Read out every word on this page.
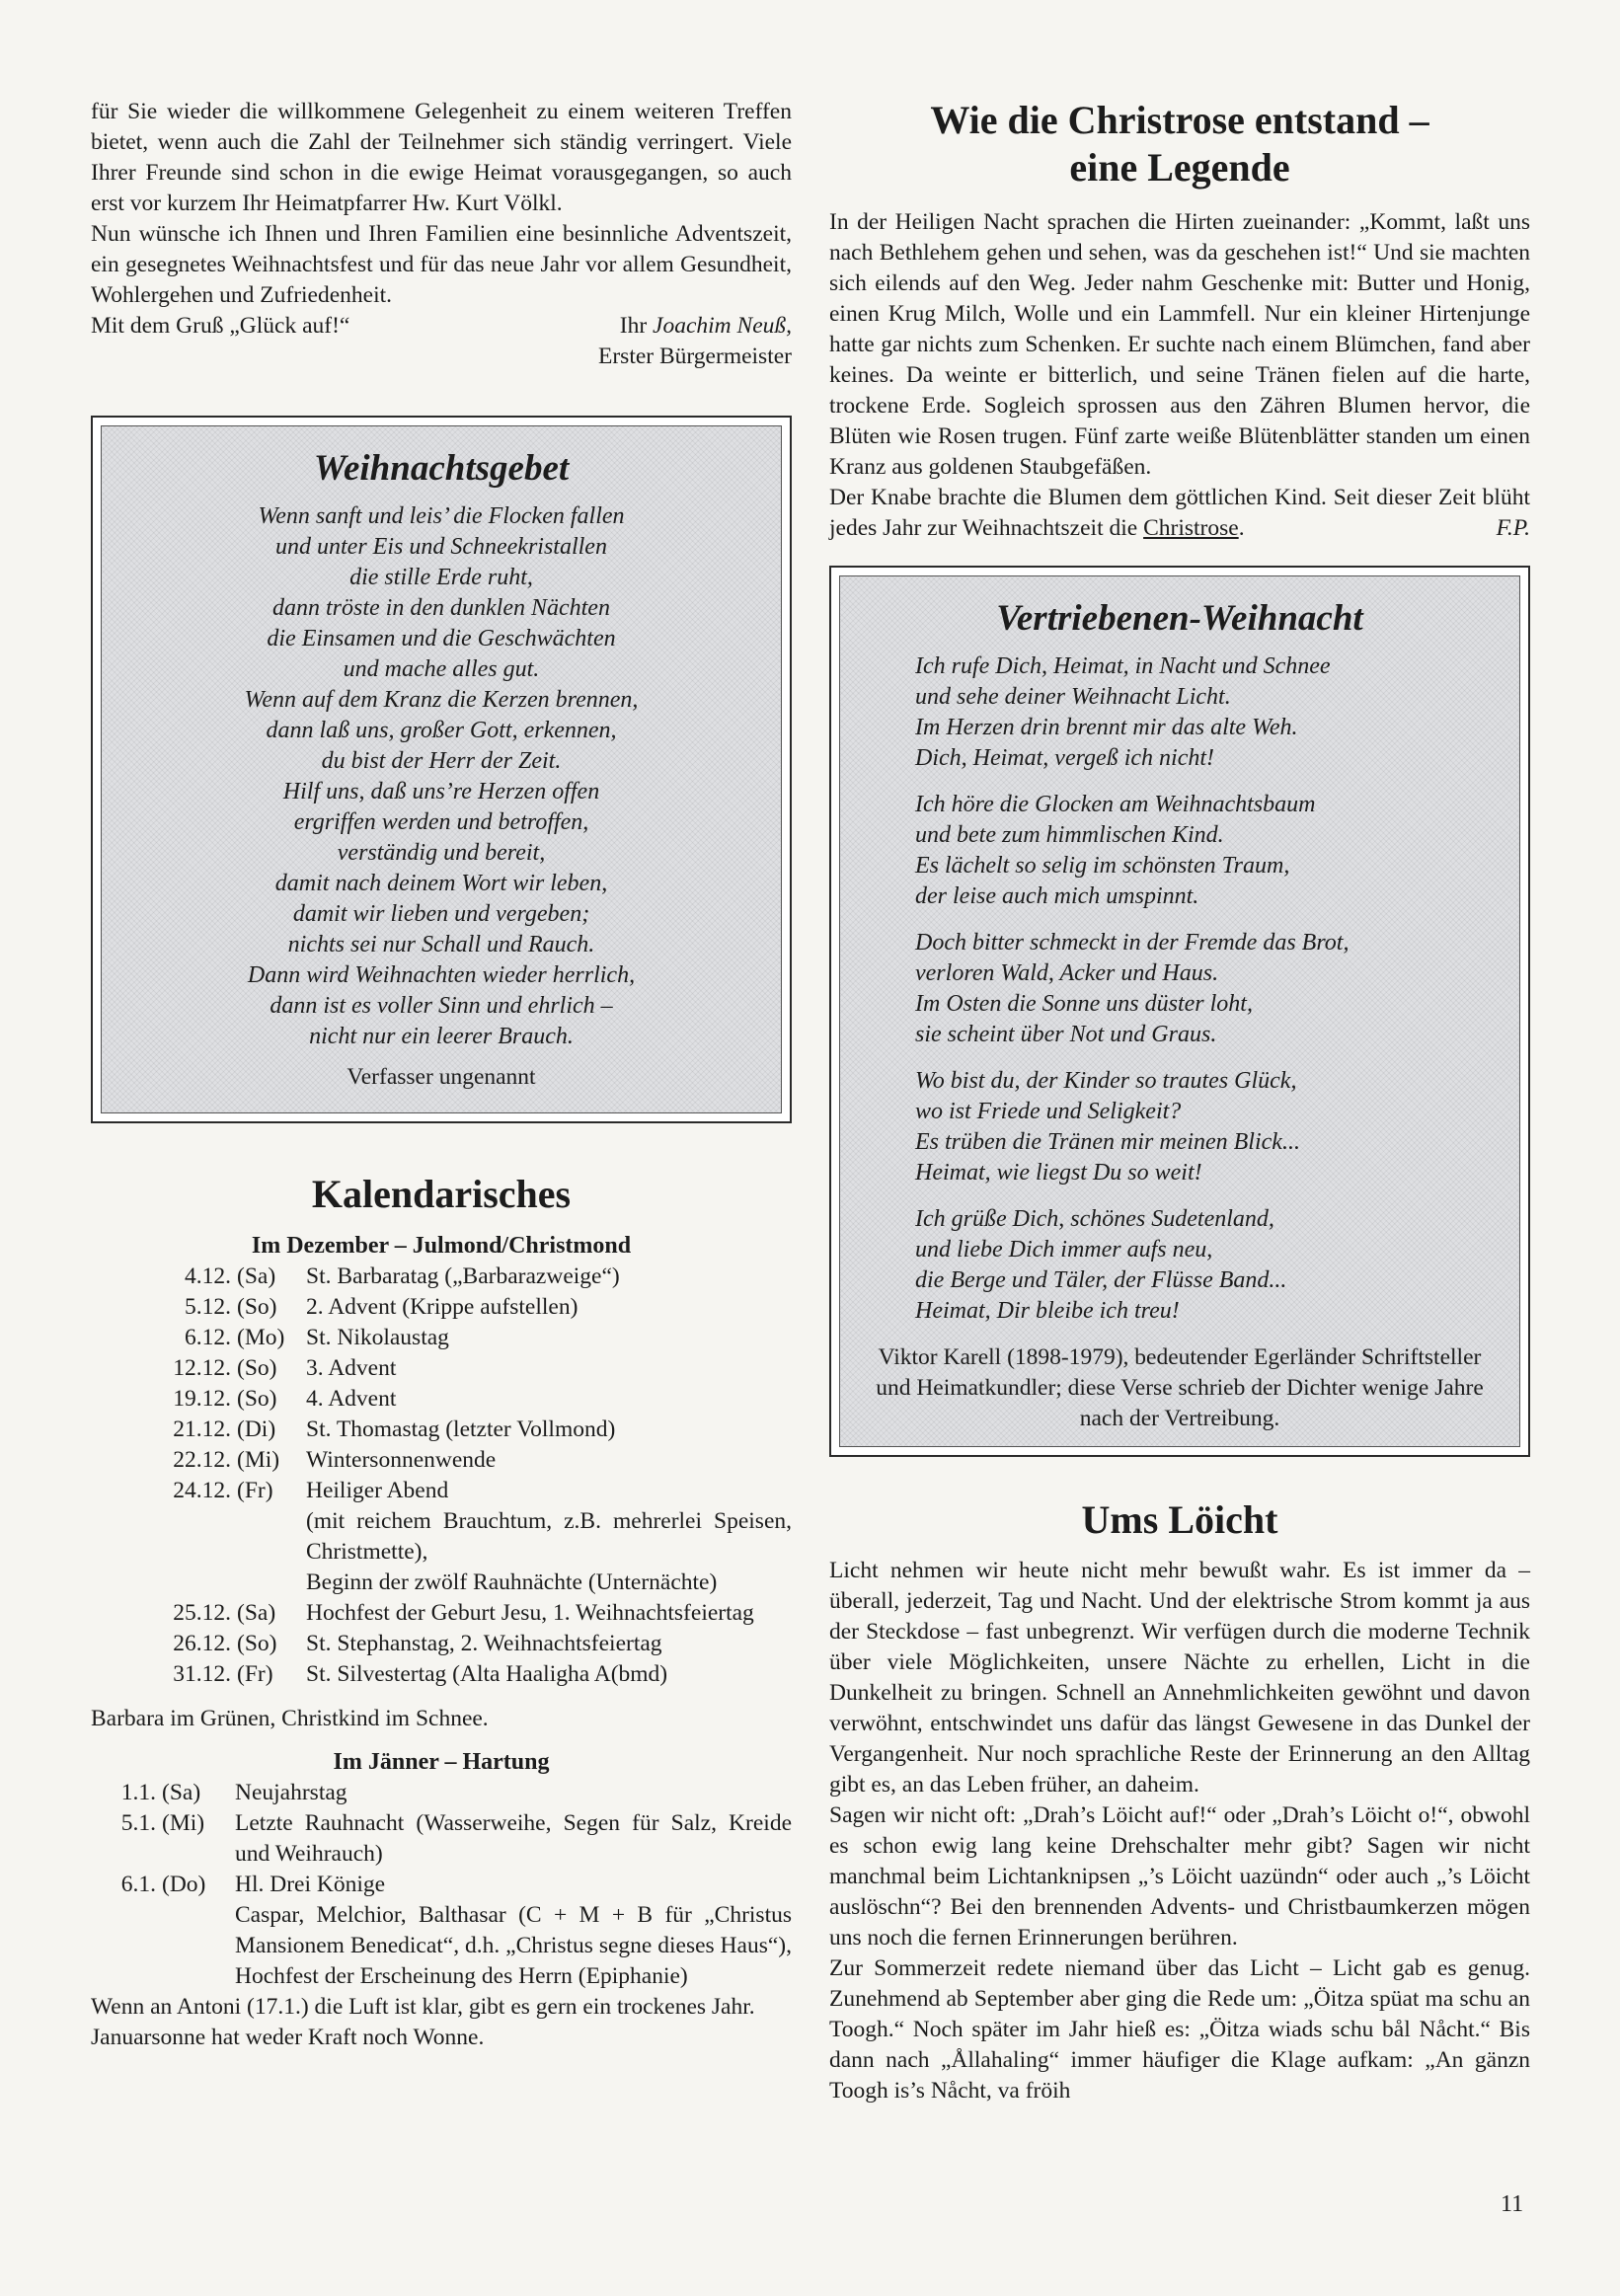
für Sie wieder die willkommene Gelegenheit zu einem weiteren Treffen bietet, wenn auch die Zahl der Teilnehmer sich ständig verringert. Viele Ihrer Freunde sind schon in die ewige Heimat vorausgegangen, so auch erst vor kurzem Ihr Heimatpfarrer Hw. Kurt Völkl.

Nun wünsche ich Ihnen und Ihren Familien eine besinnliche Adventszeit, ein gesegnetes Weihnachtsfest und für das neue Jahr vor allem Gesundheit, Wohlergehen und Zufriedenheit.

Mit dem Gruß „Glück auf!“	Ihr Joachim Neuß,
Erster Bürgermeister
Weihnachtsgebet
Wenn sanft und leis’ die Flocken fallen
und unter Eis und Schneekristallen
die stille Erde ruht,
dann tröste in den dunklen Nächten
die Einsamen und die Geschwächten
und mache alles gut.
Wenn auf dem Kranz die Kerzen brennen,
dann laß uns, großer Gott, erkennen,
du bist der Herr der Zeit.
Hilf uns, daß uns’re Herzen offen
ergriffen werden und betroffen,
verständig und bereit,
damit nach deinem Wort wir leben,
damit wir lieben und vergeben;
nichts sei nur Schall und Rauch.
Dann wird Weihnachten wieder herrlich,
dann ist es voller Sinn und ehrlich –
nicht nur ein leerer Brauch.
Verfasser ungenannt
Kalendarisches
Im Dezember – Julmond/Christmond
4.12.	(Sa)	St. Barbaratag („Barbarazweige“)
5.12.	(So)	2. Advent (Krippe aufstellen)
6.12.	(Mo)	St. Nikolaustag
12.12.	(So)	3. Advent
19.12.	(So)	4. Advent
21.12.	(Di)	St. Thomastag (letzter Vollmond)
22.12.	(Mi)	Wintersonnenwende
24.12.	(Fr)	Heiliger Abend
		(mit reichem Brauchtum, z.B. mehrerlei Speisen, Christmette),
		Beginn der zwölf Rauhnächte (Unternächte)
25.12.	(Sa)	Hochfest der Geburt Jesu, 1. Weihnachtsfeiertag
26.12.	(So)	St. Stephanstag, 2. Weihnachtsfeiertag
31.12.	(Fr)	St. Silvestertag (Alta Haaligha A(bmd)

Barbara im Grünen, Christkind im Schnee.

Im Jänner – Hartung
1.1.	(Sa)	Neujahrstag
5.1.	(Mi)	Letzte Rauhnacht (Wasserweihe, Segen für Salz, Kreide und Weihrauch)
6.1.	(Do)	Hl. Drei Könige
		Caspar, Melchior, Balthasar (C + M + B für „Christus Mansionem Benedicat“, d.h. „Christus segne dieses Haus“), Hochfest der Erscheinung des Herrn (Epiphanie)

Wenn an Antoni (17.1.) die Luft ist klar, gibt es gern ein trockenes Jahr.

Januarsonne hat weder Kraft noch Wonne.

Wie die Christrose entstand –
eine Legende

In der Heiligen Nacht sprachen die Hirten zueinander: „Kommt, laßt uns nach Bethlehem gehen und sehen, was da geschehen ist!“ Und sie machten sich eilends auf den Weg. Jeder nahm Geschenke mit: Butter und Honig, einen Krug Milch, Wolle und ein Lammfell. Nur ein kleiner Hirtenjunge hatte gar nichts zum Schenken. Er suchte nach einem Blümchen, fand aber keines. Da weinte er bitterlich, und seine Tränen fielen auf die harte, trockene Erde. Sogleich sprossen aus den Zähren Blumen hervor, die Blüten wie Rosen trugen. Fünf zarte weiße Blütenblätter standen um einen Kranz aus goldenen Staubgefäßen.

Der Knabe brachte die Blumen dem göttlichen Kind. Seit dieser Zeit blüht jedes Jahr zur Weihnachtszeit die Christrose.	F.P.

Vertriebenen-Weihnacht
Ich rufe Dich, Heimat, in Nacht und Schnee
und sehe deiner Weihnacht Licht.
Im Herzen drin brennt mir das alte Weh.
Dich, Heimat, vergeß ich nicht!
Ich höre die Glocken am Weihnachtsbaum
und bete zum himmlischen Kind.
Es lächelt so selig im schönsten Traum,
der leise auch mich umspinnt.
Doch bitter schmeckt in der Fremde das Brot,
verloren Wald, Acker und Haus.
Im Osten die Sonne uns düster loht,
sie scheint über Not und Graus.
Wo bist du, der Kinder so trautes Glück,
wo ist Friede und Seligkeit?
Es trüben die Tränen mir meinen Blick...
Heimat, wie liegst Du so weit!
Ich grüße Dich, schönes Sudetenland,
und liebe Dich immer aufs neu,
die Berge und Täler, der Flüsse Band...
Heimat, Dir bleibe ich treu!
Viktor Karell (1898-1979), bedeutender Egerländer Schriftsteller und Heimatkundler; diese Verse schrieb der Dichter wenige Jahre nach der Vertreibung.
Ums Löicht

Licht nehmen wir heute nicht mehr bewußt wahr. Es ist immer da – überall, jederzeit, Tag und Nacht. Und der elektrische Strom kommt ja aus der Steckdose – fast unbegrenzt. Wir verfügen durch die moderne Technik über viele Möglichkeiten, unsere Nächte zu erhellen, Licht in die Dunkelheit zu bringen. Schnell an Annehmlichkeiten gewöhnt und davon verwöhnt, entschwindet uns dafür das längst Gewesene in das Dunkel der Vergangenheit. Nur noch sprachliche Reste der Erinnerung an den Alltag gibt es, an das Leben früher, an daheim.

Sagen wir nicht oft: „Drah’s Löicht auf!“ oder „Drah’s Löicht o!“, obwohl es schon ewig lang keine Drehschalter mehr gibt? Sagen wir nicht manchmal beim Lichtanknipsen „’s Löicht uazündn“ oder auch „’s Löicht auslöschn“? Bei den brennenden Advents- und Christbaumkerzen mögen uns noch die fernen Erinnerungen berühren.

Zur Sommerzeit redete niemand über das Licht – Licht gab es genug. Zunehmend ab September aber ging die Rede um: „Öitza spüat ma schu an Toogh.“ Noch später im Jahr hieß es: „Öitza wiads schu bål Nåcht.“ Bis dann nach „Ållahaling“ immer häufiger die Klage aufkam: „An gänzn Toogh is’s Nåcht, va fröih

11
